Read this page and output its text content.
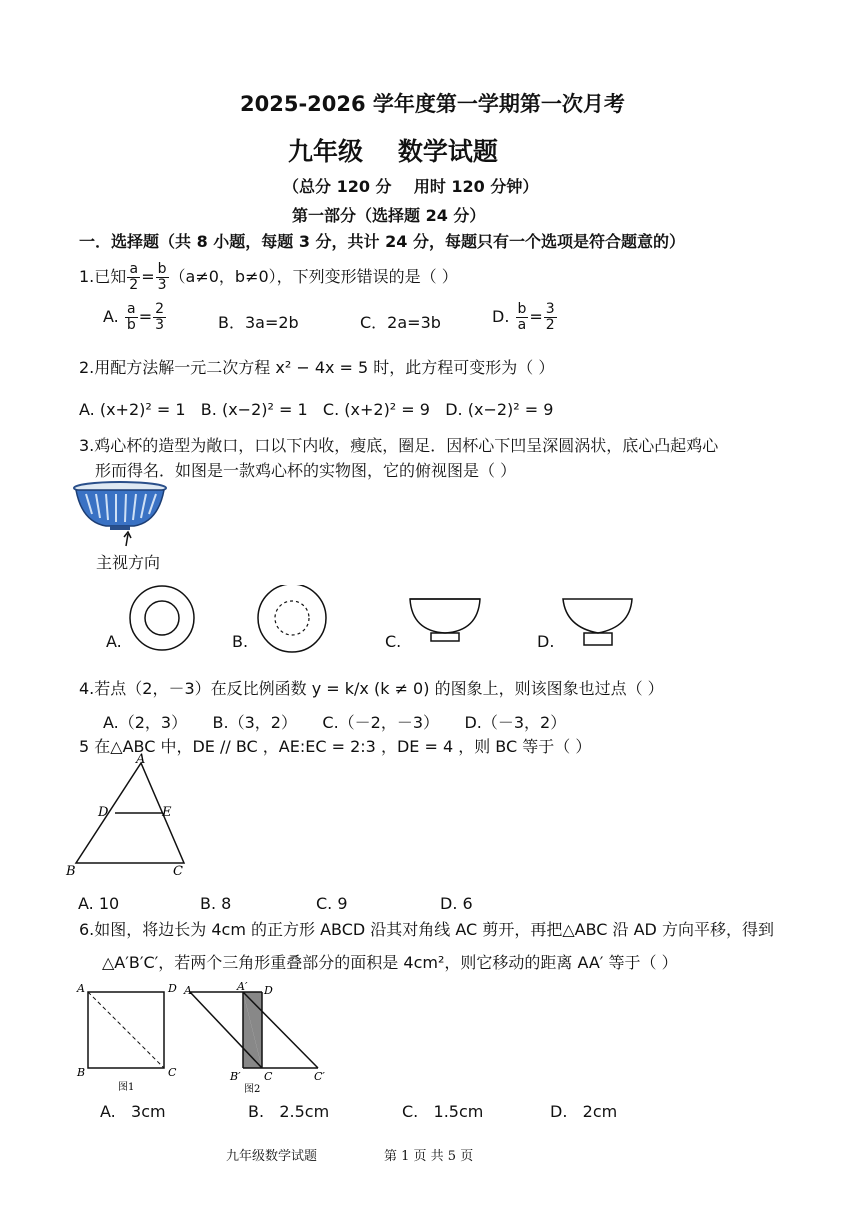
2025-2026 学年度第一学期第一次月考
九年级    数学试题
（总分 120 分    用时 120 分钟）
第一部分（选择题 24 分）
一．选择题（共 8 小题，每题 3 分，共计 24 分，每题只有一个选项是符合题意的）
1.已知 $\frac{a}{2} = \frac{b}{3} (a\ne 0$，b≠0），下列变形错误的是（ ）
A. $\frac{a}{b} = \frac{2}{3}$	B．3a=2b	C．2a=3b	D. $\frac{b}{a} = \frac{3}{2}$
2.用配方法解一元二次方程 x² − 4x = 5 时，此方程可变形为（ ）
A. (x+2)² = 1   B. (x−2)² = 1   C. (x+2)² = 9   D. (x−2)² = 9
3.鸡心杯的造型为敞口，口以下内收，瘦底，圈足．因杯心下凹呈深圆涡状，底心凸起鸡心
形而得名．如图是一款鸡心杯的实物图，它的俯视图是（ ）
主视方向
A.	B.	C.	D.
4.若点（2，－3）在反比例函数 y = k/x (k ≠ 0) 的图象上，则该图象也过点（ ）
A.（2，3）     B.（3，2）     C.（－2，－3）     D.（－3，2）
5 在△ABC 中，DE // BC ，AE:EC = 2:3 ，DE = 4 ，则 BC 等于（ ）
A
D	E
B	C
A. 10	B. 8	C. 9	D. 6
6.如图，将边长为 4cm 的正方形 ABCD 沿其对角线 AC 剪开，再把△ABC 沿 AD 方向平移，得到
△A′B′C′，若两个三角形重叠部分的面积是 4cm²，则它移动的距离 AA′ 等于（ ）
A	D
B	C
图1
A	A′ D
B′ C	C′
图2
A.   3cm	B.   2.5cm	C.   1.5cm	D.   2cm
九年级数学试题	第 1 页 共 5 页
